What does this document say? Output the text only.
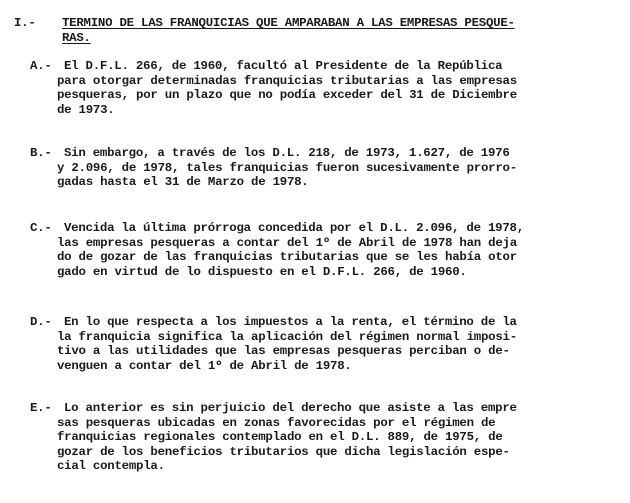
I.- TERMINO DE LAS FRANQUICIAS QUE AMPARABAN A LAS EMPRESAS PESQUE-
RAS.
A.-	El D.F.L. 266, de 1960, facultó al Presidente de la República
para otorgar determinadas franquicias tributarias a las empresas
pesqueras, por un plazo que no podía exceder del 31 de Diciembre
de 1973.
B.-	Sin embargo, a través de los D.L. 218, de 1973, 1.627, de 1976
y 2.096, de 1978, tales franquicias fueron sucesivamente prorro-
gadas hasta el 31 de Marzo de 1978.
C.-	Vencida la última prórroga concedida por el D.L. 2.096, de 1978,
las empresas pesqueras a contar del 1º de Abril de 1978 han deja
do de gozar de las franquicias tributarias que se les había otor
gado en virtud de lo dispuesto en el D.F.L. 266, de 1960.
D.-	En lo que respecta a los impuestos a la renta, el término de la
la franquicia significa la aplicación del régimen normal imposi-
tivo a las utilidades que las empresas pesqueras perciban o de-
venguen a contar del 1º de Abril de 1978.
E.-	Lo anterior es sin perjuicio del derecho que asiste a las empre
sas pesqueras ubicadas en zonas favorecidas por el régimen de
franquicias regionales contemplado en el D.L. 889, de 1975, de
gozar de los beneficios tributarios que dicha legislación espe-
cial contempla.
